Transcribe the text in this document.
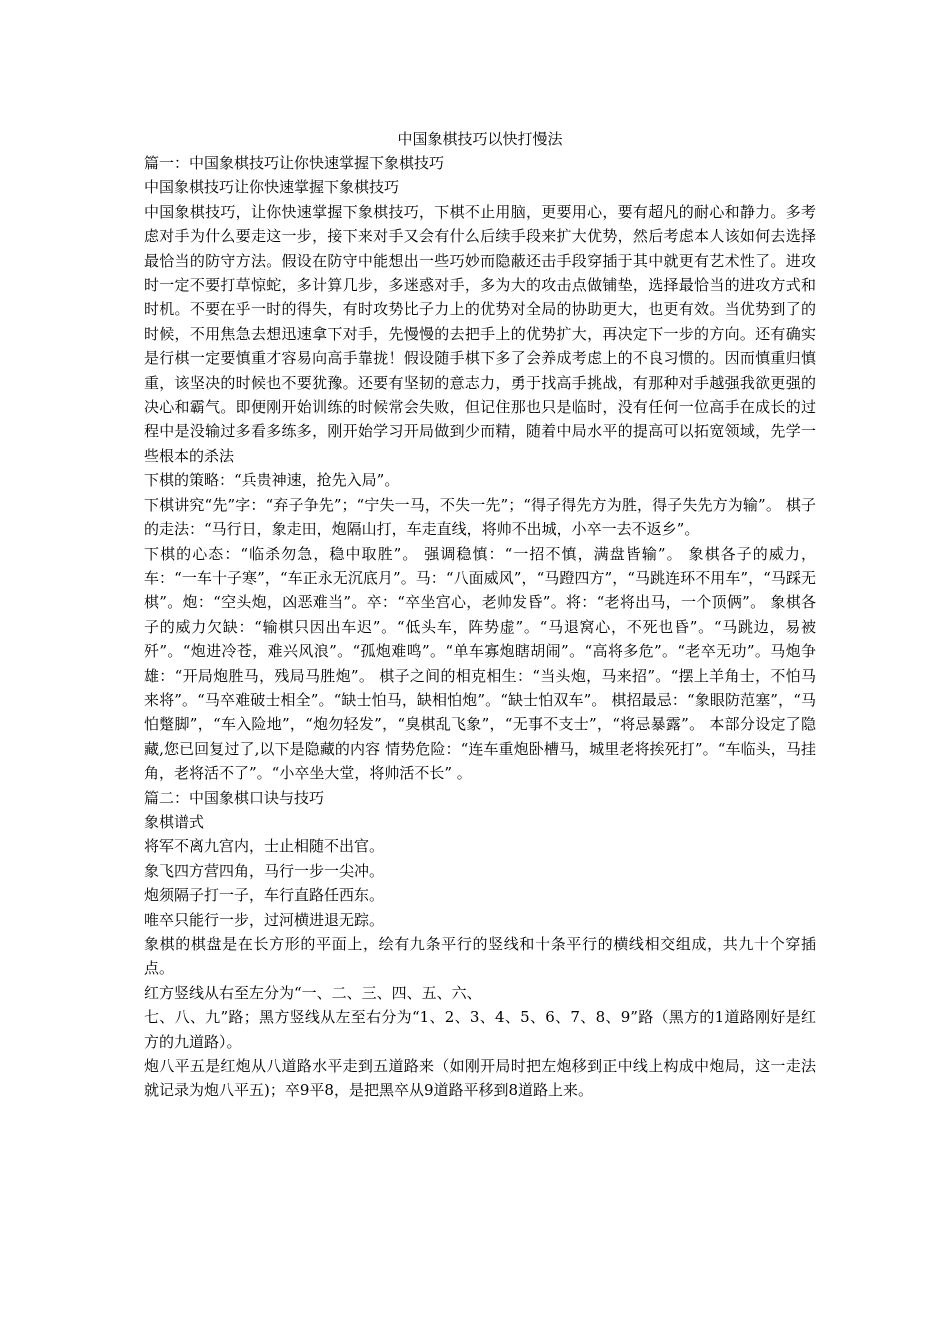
中国象棋技巧以快打慢法

篇一：中国象棋技巧让你快速掌握下象棋技巧

中国象棋技巧让你快速掌握下象棋技巧

中国象棋技巧，让你快速掌握下象棋技巧，下棋不止用脑，更要用心，要有超凡的耐心和静力。多考虑对手为什么要走这一步，接下来对手又会有什么后续手段来扩大优势，然后考虑本人该如何去选择最恰当的防守方法。假设在防守中能想出一些巧妙而隐蔽还击手段穿插于其中就更有艺术性了。进攻时一定不要打草惊蛇，多计算几步，多迷惑对手，多为大的攻击点做铺垫，选择最恰当的进攻方式和时机。不要在乎一时的得失，有时攻势比子力上的优势对全局的协助更大，也更有效。当优势到了的时候，不用焦急去想迅速拿下对手，先慢慢的去把手上的优势扩大，再决定下一步的方向。还有确实是行棋一定要慎重才容易向高手靠拢！假设随手棋下多了会养成考虑上的不良习惯的。因而慎重归慎重，该坚决的时候也不要犹豫。还要有坚韧的意志力，勇于找高手挑战，有那种对手越强我欲更强的决心和霸气。即便刚开始训练的时候常会失败，但记住那也只是临时，没有任何一位高手在成长的过程中是没输过多看多练多，刚开始学习开局做到少而精，随着中局水平的提高可以拓宽领域，先学一些根本的杀法

下棋的策略：“兵贵神速，抢先入局”。

下棋讲究“先”字：“弃子争先”；“宁失一马，不失一先”；“得子得先方为胜，得子失先方为输”。 棋子的走法：“马行日，象走田，炮隔山打，车走直线，将帅不出城，小卒一去不返乡”。

下棋的心态：“临杀勿急，稳中取胜”。 强调稳慎：“一招不慎，满盘皆输”。 象棋各子的威力，车：“一车十子寒”，“车正永无沉底月”。马：“八面威风”，“马蹬四方”，“马跳连环不用车”，“马踩无棋”。炮：“空头炮，凶恶难当”。卒：“卒坐宫心，老帅发昏”。将：“老将出马，一个顶俩”。 象棋各子的威力欠缺：“输棋只因出车迟”。“低头车，阵势虚”。“马退窝心，不死也昏”。“马跳边，易被歼”。“炮进冷苍，难兴风浪”。“孤炮难鸣”。“单车寡炮瞎胡闹”。“高将多危”。“老卒无功”。马炮争雄：“开局炮胜马，残局马胜炮”。 棋子之间的相克相生：“当头炮，马来招”。“摆上羊角士，不怕马来将”。“马卒难破士相全”。“缺士怕马，缺相怕炮”。“缺士怕双车”。 棋招最忌：“象眼防范塞”，“马怕蹩脚”，“车入险地”，“炮勿轻发”，“臭棋乱飞象”，“无事不支士”，“将忌暴露”。 本部分设定了隐藏,您已回复过了,以下是隐藏的内容 情势危险：“连车重炮卧槽马，城里老将挨死打”。“车临头，马挂角，老将活不了”。“小卒坐大堂，将帅活不长” 。

篇二：中国象棋口诀与技巧

象棋谱式

将军不离九宫内，士止相随不出官。

象飞四方营四角，马行一步一尖冲。

炮须隔子打一子，车行直路任西东。

唯卒只能行一步，过河横进退无踪。

象棋的棋盘是在长方形的平面上，绘有九条平行的竖线和十条平行的横线相交组成，共九十个穿插点。

红方竖线从右至左分为“一、二、三、四、五、六、

七、八、九”路；黑方竖线从左至右分为“1、2、3、4、5、6、7、8、9”路（黑方的1道路刚好是红方的九道路）。

炮八平五是红炮从八道路水平走到五道路来（如刚开局时把左炮移到正中线上构成中炮局，这一走法就记录为炮八平五)；卒9平8，是把黑卒从9道路平移到8道路上来。
